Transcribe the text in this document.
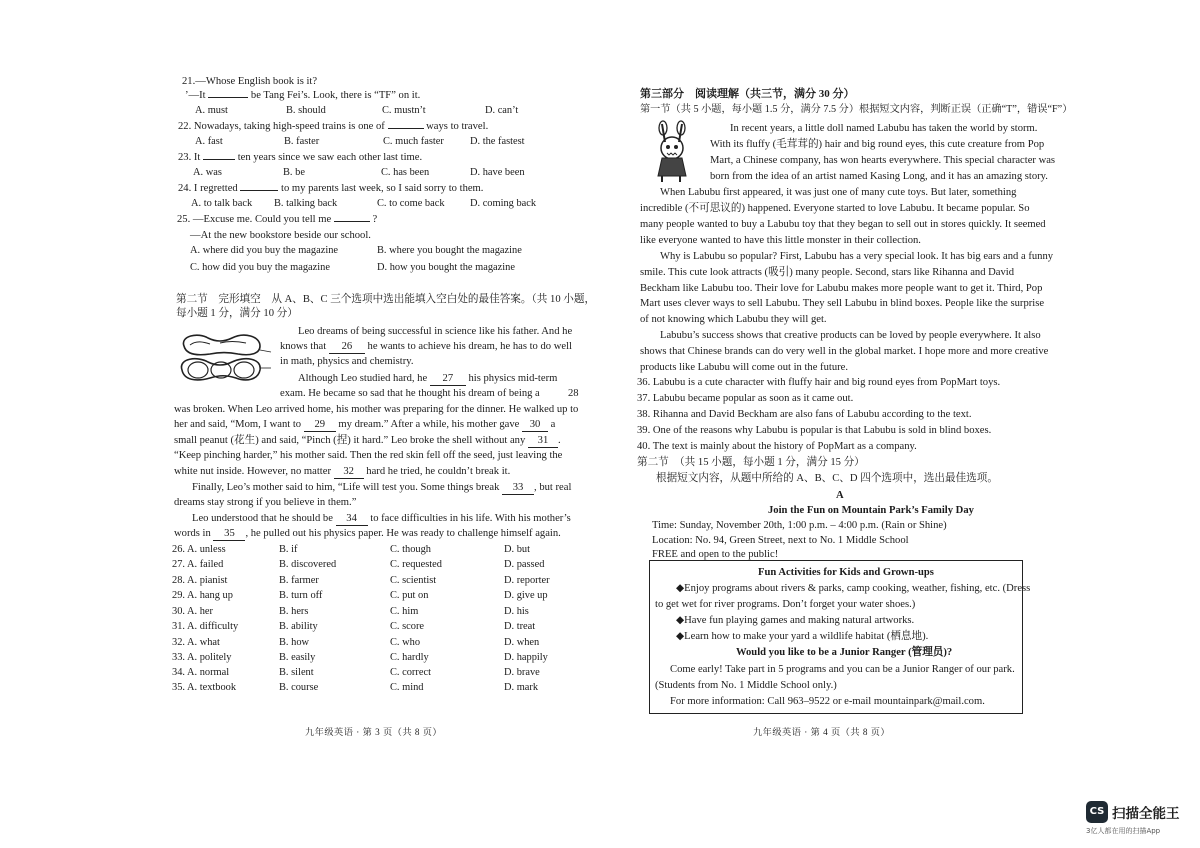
21.—Whose English book is it?
’—It	be Tang Fei’s. Look, there is “TF” on it.
A. must	B. should	C. mustn’t	D. can’t
22. Nowadays, taking high-speed trains is one of	ways to travel.
A. fast	B. faster	C. much faster	D. the fastest
23. It	ten years since we saw each other last time.
A. was	B. be	C. has been	D. have been
24. I regretted	to my parents last week, so I said sorry to them.
A. to talk back B. talking back	C. to come back D. coming back
25. —Excuse me. Could you tell me	?
—At the new bookstore beside our school.
A. where did you buy the magazine	B. where you bought the magazine
C. how did you buy the magazine	D. how you bought the magazine
第二节　完形填空　从 A、B、C 三个选项中选出能填入空白处的最佳答案。（共 10 小题，
每小题 1 分，满分 10 分）
Leo dreams of being successful in science like his father. And he
knows that 26 he wants to achieve his dream, he has to do well
in math, physics and chemistry.
Although Leo studied hard, he 27 his physics mid-term
exam. He became so sad that he thought his dream of being a	28
was broken. When Leo arrived home, his mother was preparing for the dinner. He walked up to
her and said, “Mom, I want to 29 my dream.” After a while, his mother gave 30 a
small peanut (花生) and said, “Pinch (捏) it hard.” Leo broke the shell without any 31 .
“Keep pinching harder,” his mother said. Then the red skin fell off the seed, just leaving the
white nut inside. However, no matter 32 hard he tried, he couldn’t break it.
Finally, Leo’s mother said to him, “Life will test you. Some things break 33 , but real
dreams stay strong if you believe in them.”
Leo understood that he should be 34 to face difficulties in his life. With his mother’s
words in 35 , he pulled out his physics paper. He was ready to challenge himself again.
26. A. unless	B. if	C. though	D. but
27. A. failed	B. discovered	C. requested	D. passed
28. A. pianist	B. farmer	C. scientist	D. reporter
29. A. hang up	B. turn off	C. put on	D. give up
30. A. her	B. hers	C. him	D. his
31. A. difficulty	B. ability	C. score	D. treat
32. A. what	B. how	C. who	D. when
33. A. politely	B. easily	C. hardly	D. happily
34. A. normal	B. silent	C. correct	D. brave
35. A. textbook	B. course	C. mind	D. mark
九年级英语 · 第 3 页（共 8 页）
第三部分　阅读理解（共三节，满分 30 分）
第一节（共 5 小题，每小题 1.5 分，满分 7.5 分）根据短文内容，判断正误（正确“T”，错误“F”）
In recent years, a little doll named Labubu has taken the world by storm.
With its fluffy (毛茸茸的) hair and big round eyes, this cute creature from Pop
Mart, a Chinese company, has won hearts everywhere. This special character was
born from the idea of an artist named Kasing Long, and it has an amazing story.
When Labubu first appeared, it was just one of many cute toys. But later, something
incredible (不可思议的) happened. Everyone started to love Labubu. It became popular. So
many people wanted to buy a Labubu toy that they began to sell out in stores quickly. It seemed
like everyone wanted to have this little monster in their collection.
Why is Labubu so popular? First, Labubu has a very special look. It has big ears and a funny
smile. This cute look attracts (吸引) many people. Second, stars like Rihanna and David
Beckham like Labubu too. Their love for Labubu makes more people want to get it. Third, Pop
Mart uses clever ways to sell Labubu. They sell Labubu in blind boxes. People like the surprise
of not knowing which Labubu they will get.
Labubu’s success shows that creative products can be loved by people everywhere. It also
shows that Chinese brands can do very well in the global market. I hope more and more creative
products like Labubu will come out in the future.
36. Labubu is a cute character with fluffy hair and big round eyes from PopMart toys.
37. Labubu became popular as soon as it came out.
38. Rihanna and David Beckham are also fans of Labubu according to the text.
39. One of the reasons why Labubu is popular is that Labubu is sold in blind boxes.
40. The text is mainly about the history of PopMart as a company.
第二节　（共 15 小题，每小题 1 分，满分 15 分）
根据短文内容，从题中所给的 A、B、C、D 四个选项中，选出最佳选项。
A
Join the Fun on Mountain Park’s Family Day
Time: Sunday, November 20th, 1:00 p.m. – 4:00 p.m. (Rain or Shine)
Location: No. 94, Green Street, next to No. 1 Middle School
FREE and open to the public!
九年级英语 · 第 4 页（共 8 页）
Fun Activities for Kids and Grown-ups
◆Enjoy programs about rivers & parks, camp cooking, weather, fishing, etc. (Dress
to get wet for river programs. Don’t forget your water shoes.)
◆Have fun playing games and making natural artworks.
◆Learn how to make your yard a wildlife habitat (栖息地).
Would you like to be a Junior Ranger (管理员)?
Come early! Take part in 5 programs and you can be a Junior Ranger of our park.
(Students from No. 1 Middle School only.)
For more information: Call 963–9522 or e-mail mountainpark@mail.com.
CS 扫描全能王
3亿人都在用的扫描App
